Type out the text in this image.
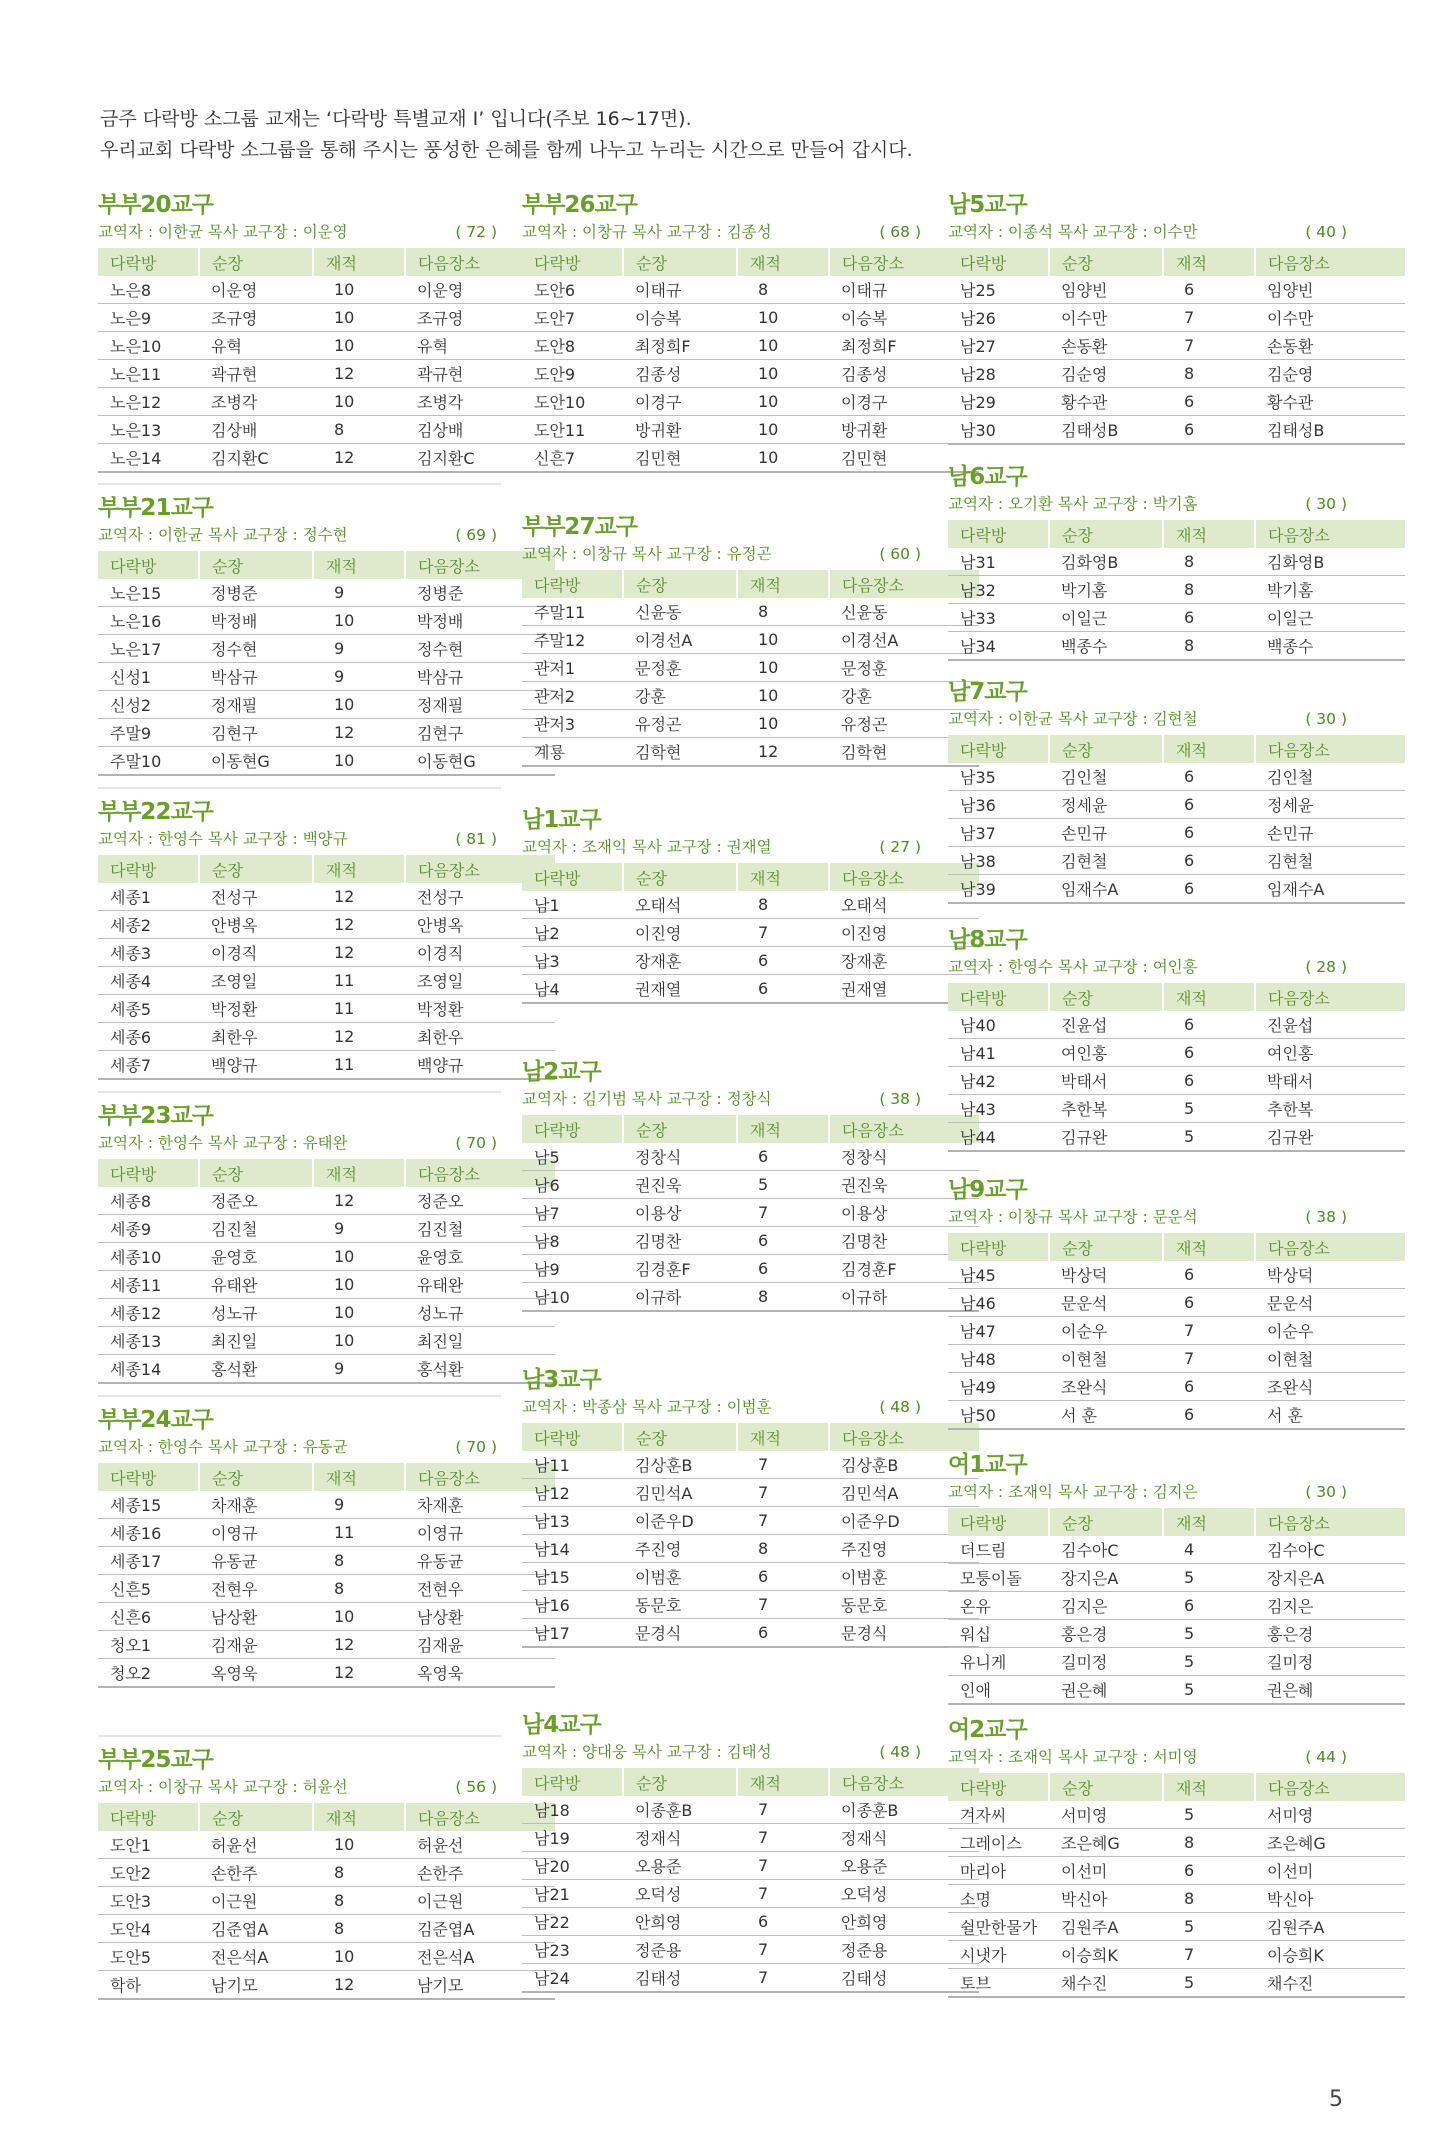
금주 다락방 소그룹 교재는 ‘다락방 특별교재 I’ 입니다(주보 16~17면).
우리교회 다락방 소그룹을 통해 주시는 풍성한 은혜를 함께 나누고 누리는 시간으로 만들어 갑시다.
부부20교구
교역자 : 이한균 목사 교구장 : 이운영	( 72 )
다락방	순장	재적	다음장소
노은8	이운영	10	이운영
노은9	조규영	10	조규영
노은10	유혁	10	유혁
노은11	곽규현	12	곽규현
노은12	조병각	10	조병각
노은13	김상배	8	김상배
노은14	김지환C	12	김지환C
부부21교구
교역자 : 이한균 목사 교구장 : 정수현	( 69 )
다락방	순장	재적	다음장소
노은15	정병준	9	정병준
노은16	박정배	10	박정배
노은17	정수현	9	정수현
신성1	박삼규	9	박삼규
신성2	정재필	10	정재필
주말9	김현구	12	김현구
주말10	이동현G	10	이동현G
부부22교구
교역자 : 한영수 목사 교구장 : 백양규	( 81 )
다락방	순장	재적	다음장소
세종1	전성구	12	전성구
세종2	안병옥	12	안병옥
세종3	이경직	12	이경직
세종4	조영일	11	조영일
세종5	박정환	11	박정환
세종6	최한우	12	최한우
세종7	백양규	11	백양규
부부23교구
교역자 : 한영수 목사 교구장 : 유태완	( 70 )
다락방	순장	재적	다음장소
세종8	정준오	12	정준오
세종9	김진철	9	김진철
세종10	윤영호	10	윤영호
세종11	유태완	10	유태완
세종12	성노규	10	성노규
세종13	최진일	10	최진일
세종14	홍석환	9	홍석환
부부24교구
교역자 : 한영수 목사 교구장 : 유동균	( 70 )
다락방	순장	재적	다음장소
세종15	차재훈	9	차재훈
세종16	이영규	11	이영규
세종17	유동균	8	유동균
신흔5	전현우	8	전현우
신흔6	남상환	10	남상환
청오1	김재윤	12	김재윤
청오2	옥영욱	12	옥영욱
부부25교구
교역자 : 이창규 목사 교구장 : 허윤선	( 56 )
다락방	순장	재적	다음장소
도안1	허윤선	10	허윤선
도안2	손한주	8	손한주
도안3	이근원	8	이근원
도안4	김준엽A	8	김준엽A
도안5	전은석A	10	전은석A
학하	남기모	12	남기모
부부26교구
교역자 : 이창규 목사 교구장 : 김종성	( 68 )
다락방	순장	재적	다음장소
도안6	이태규	8	이태규
도안7	이승복	10	이승복
도안8	최정희F	10	최정희F
도안9	김종성	10	김종성
도안10	이경구	10	이경구
도안11	방귀환	10	방귀환
신흔7	김민현	10	김민현
부부27교구
교역자 : 이창규 목사 교구장 : 유정곤	( 60 )
다락방	순장	재적	다음장소
주말11	신윤동	8	신윤동
주말12	이경선A	10	이경선A
관저1	문정훈	10	문정훈
관저2	강훈	10	강훈
관저3	유정곤	10	유정곤
계룡	김학현	12	김학현
남1교구
교역자 : 조재익 목사 교구장 : 권재열	( 27 )
다락방	순장	재적	다음장소
남1	오태석	8	오태석
남2	이진영	7	이진영
남3	장재훈	6	장재훈
남4	권재열	6	권재열
남2교구
교역자 : 김기범 목사 교구장 : 정창식	( 38 )
다락방	순장	재적	다음장소
남5	정창식	6	정창식
남6	권진욱	5	권진욱
남7	이용상	7	이용상
남8	김명찬	6	김명찬
남9	김경훈F	6	김경훈F
남10	이규하	8	이규하
남3교구
교역자 : 박종삼 목사 교구장 : 이범훈	( 48 )
다락방	순장	재적	다음장소
남11	김상훈B	7	김상훈B
남12	김민석A	7	김민석A
남13	이준우D	7	이준우D
남14	주진영	8	주진영
남15	이범훈	6	이범훈
남16	동문호	7	동문호
남17	문경식	6	문경식
남4교구
교역자 : 양대웅 목사 교구장 : 김태성	( 48 )
다락방	순장	재적	다음장소
남18	이종훈B	7	이종훈B
남19	정재식	7	정재식
남20	오용준	7	오용준
남21	오덕성	7	오덕성
남22	안희영	6	안희영
남23	정준용	7	정준용
남24	김태성	7	김태성
남5교구
교역자 : 이종석 목사 교구장 : 이수만	( 40 )
다락방	순장	재적	다음장소
남25	임양빈	6	임양빈
남26	이수만	7	이수만
남27	손동환	7	손동환
남28	김순영	8	김순영
남29	황수관	6	황수관
남30	김태성B	6	김태성B
남6교구
교역자 : 오기환 목사 교구장 : 박기홈	( 30 )
다락방	순장	재적	다음장소
남31	김화영B	8	김화영B
남32	박기홈	8	박기홈
남33	이일근	6	이일근
남34	백종수	8	백종수
남7교구
교역자 : 이한균 목사 교구장 : 김현철	( 30 )
다락방	순장	재적	다음장소
남35	김인철	6	김인철
남36	정세윤	6	정세윤
남37	손민규	6	손민규
남38	김현철	6	김현철
남39	임재수A	6	임재수A
남8교구
교역자 : 한영수 목사 교구장 : 여인홍	( 28 )
다락방	순장	재적	다음장소
남40	진윤섭	6	진윤섭
남41	여인홍	6	여인홍
남42	박태서	6	박태서
남43	추한복	5	추한복
남44	김규완	5	김규완
남9교구
교역자 : 이창규 목사 교구장 : 문운석	( 38 )
다락방	순장	재적	다음장소
남45	박상덕	6	박상덕
남46	문운석	6	문운석
남47	이순우	7	이순우
남48	이현철	7	이현철
남49	조완식	6	조완식
남50	서 훈	6	서 훈
여1교구
교역자 : 조재익 목사 교구장 : 김지은	( 30 )
다락방	순장	재적	다음장소
더드림	김수아C	4	김수아C
모퉁이돌	장지은A	5	장지은A
온유	김지은	6	김지은
워십	홍은경	5	홍은경
유니게	길미정	5	길미정
인애	권은혜	5	권은혜
여2교구
교역자 : 조재익 목사 교구장 : 서미영	( 44 )
다락방	순장	재적	다음장소
겨자씨	서미영	5	서미영
그레이스	조은혜G	8	조은혜G
마리아	이선미	6	이선미
소명	박신아	8	박신아
쉴만한물가	김원주A	5	김원주A
시냇가	이승희K	7	이승희K
토브	채수진	5	채수진
5
